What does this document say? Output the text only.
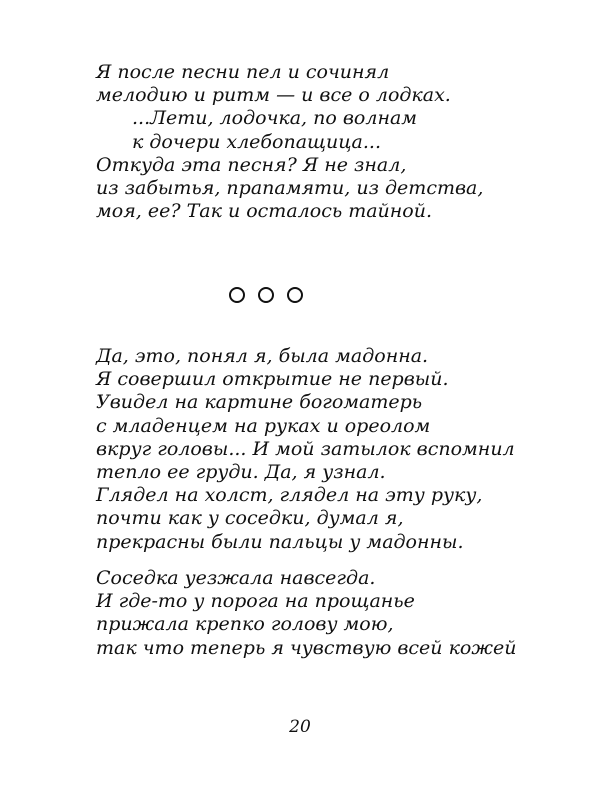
Я после песни пел и сочинял
мелодию и ритм — и все о лодках.
...Лети, лодочка, по волнам
к дочери хлебопащица...
Откуда эта песня? Я не знал,
из забытья, прапамяти, из детства,
моя, ее? Так и осталось тайной.
Да, это, понял я, была мадонна.
Я совершил открытие не первый.
Увидел на картине богоматерь
с младенцем на руках и ореолом
вкруг головы... И мой затылок вспомнил
тепло ее груди. Да, я узнал.
Глядел на холст, глядел на эту руку,
почти как у соседки, думал я,
прекрасны были пальцы у мадонны.
Соседка уезжала навсегда.
И где-то у порога на прощанье
прижала крепко голову мою,
так что теперь я чувствую всей кожей
20
